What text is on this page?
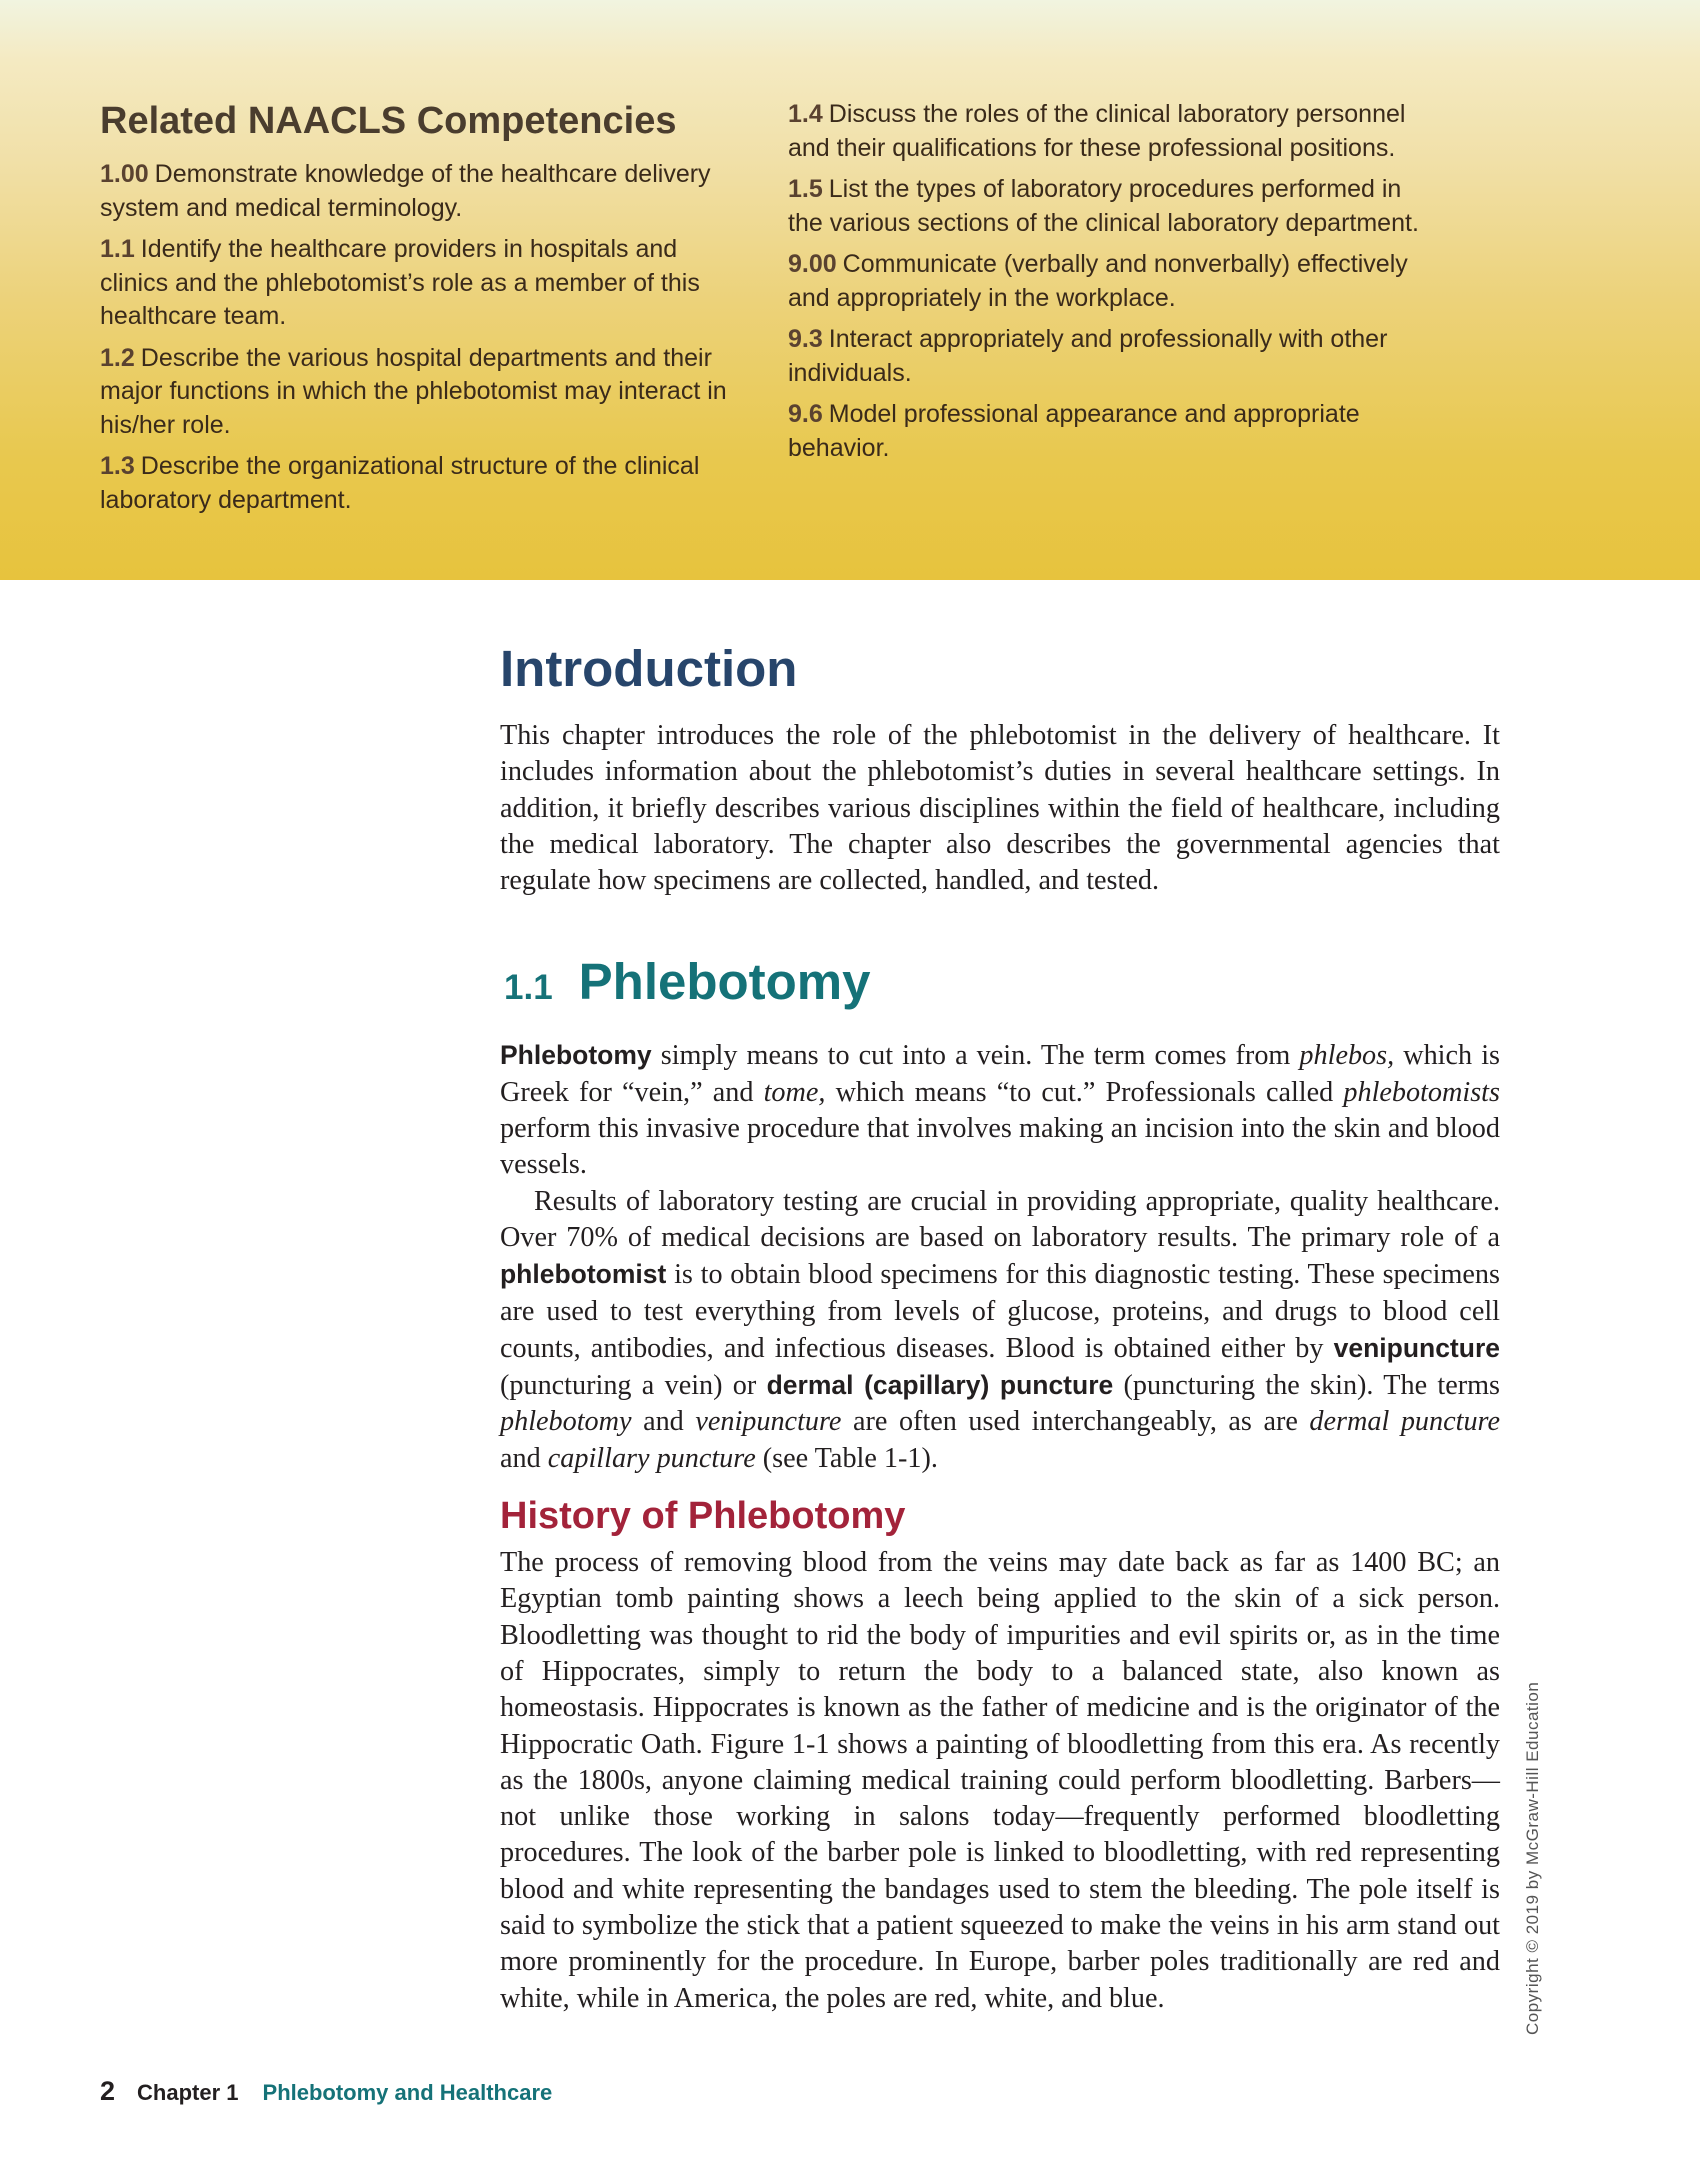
Related NAACLS Competencies
1.00 Demonstrate knowledge of the healthcare delivery system and medical terminology.
1.1 Identify the healthcare providers in hospitals and clinics and the phlebotomist’s role as a member of this healthcare team.
1.2 Describe the various hospital departments and their major functions in which the phlebotomist may interact in his/her role.
1.3 Describe the organizational structure of the clinical laboratory department.
1.4 Discuss the roles of the clinical laboratory personnel and their qualifications for these professional positions.
1.5 List the types of laboratory procedures performed in the various sections of the clinical laboratory department.
9.00 Communicate (verbally and nonverbally) effectively and appropriately in the workplace.
9.3 Interact appropriately and professionally with other individuals.
9.6 Model professional appearance and appropriate behavior.
Introduction

This chapter introduces the role of the phlebotomist in the delivery of healthcare. It includes information about the phlebotomist’s duties in several healthcare settings. In addition, it briefly describes various disciplines within the field of healthcare, including the medical laboratory. The chapter also describes the governmental agencies that regulate how specimens are collected, handled, and tested.

1.1 Phlebotomy

Phlebotomy simply means to cut into a vein. The term comes from phlebos, which is Greek for “vein,” and tome, which means “to cut.” Professionals called phlebotomists perform this invasive procedure that involves making an incision into the skin and blood vessels.

Results of laboratory testing are crucial in providing appropriate, quality healthcare. Over 70% of medical decisions are based on laboratory results. The primary role of a phlebotomist is to obtain blood specimens for this diagnostic testing. These specimens are used to test everything from levels of glucose, proteins, and drugs to blood cell counts, antibodies, and infectious diseases. Blood is obtained either by venipuncture (puncturing a vein) or dermal (capillary) puncture (puncturing the skin). The terms phlebotomy and venipuncture are often used interchangeably, as are dermal puncture and capillary puncture (see Table 1-1).

History of Phlebotomy

The process of removing blood from the veins may date back as far as 1400 BC; an Egyptian tomb painting shows a leech being applied to the skin of a sick person. Bloodletting was thought to rid the body of impurities and evil spirits or, as in the time of Hippocrates, simply to return the body to a balanced state, also known as homeostasis. Hippocrates is known as the father of medicine and is the originator of the Hippocratic Oath. Figure 1-1 shows a painting of bloodletting from this era. As recently as the 1800s, anyone claiming medical training could perform bloodletting. Barbers—not unlike those working in salons today—frequently performed bloodletting procedures. The look of the barber pole is linked to bloodletting, with red representing blood and white representing the bandages used to stem the bleeding. The pole itself is said to symbolize the stick that a patient squeezed to make the veins in his arm stand out more prominently for the procedure. In Europe, barber poles traditionally are red and white, while in America, the poles are red, white, and blue.	Copyright © 2019 by McGraw-Hill Education
2 Chapter 1 Phlebotomy and Healthcare
